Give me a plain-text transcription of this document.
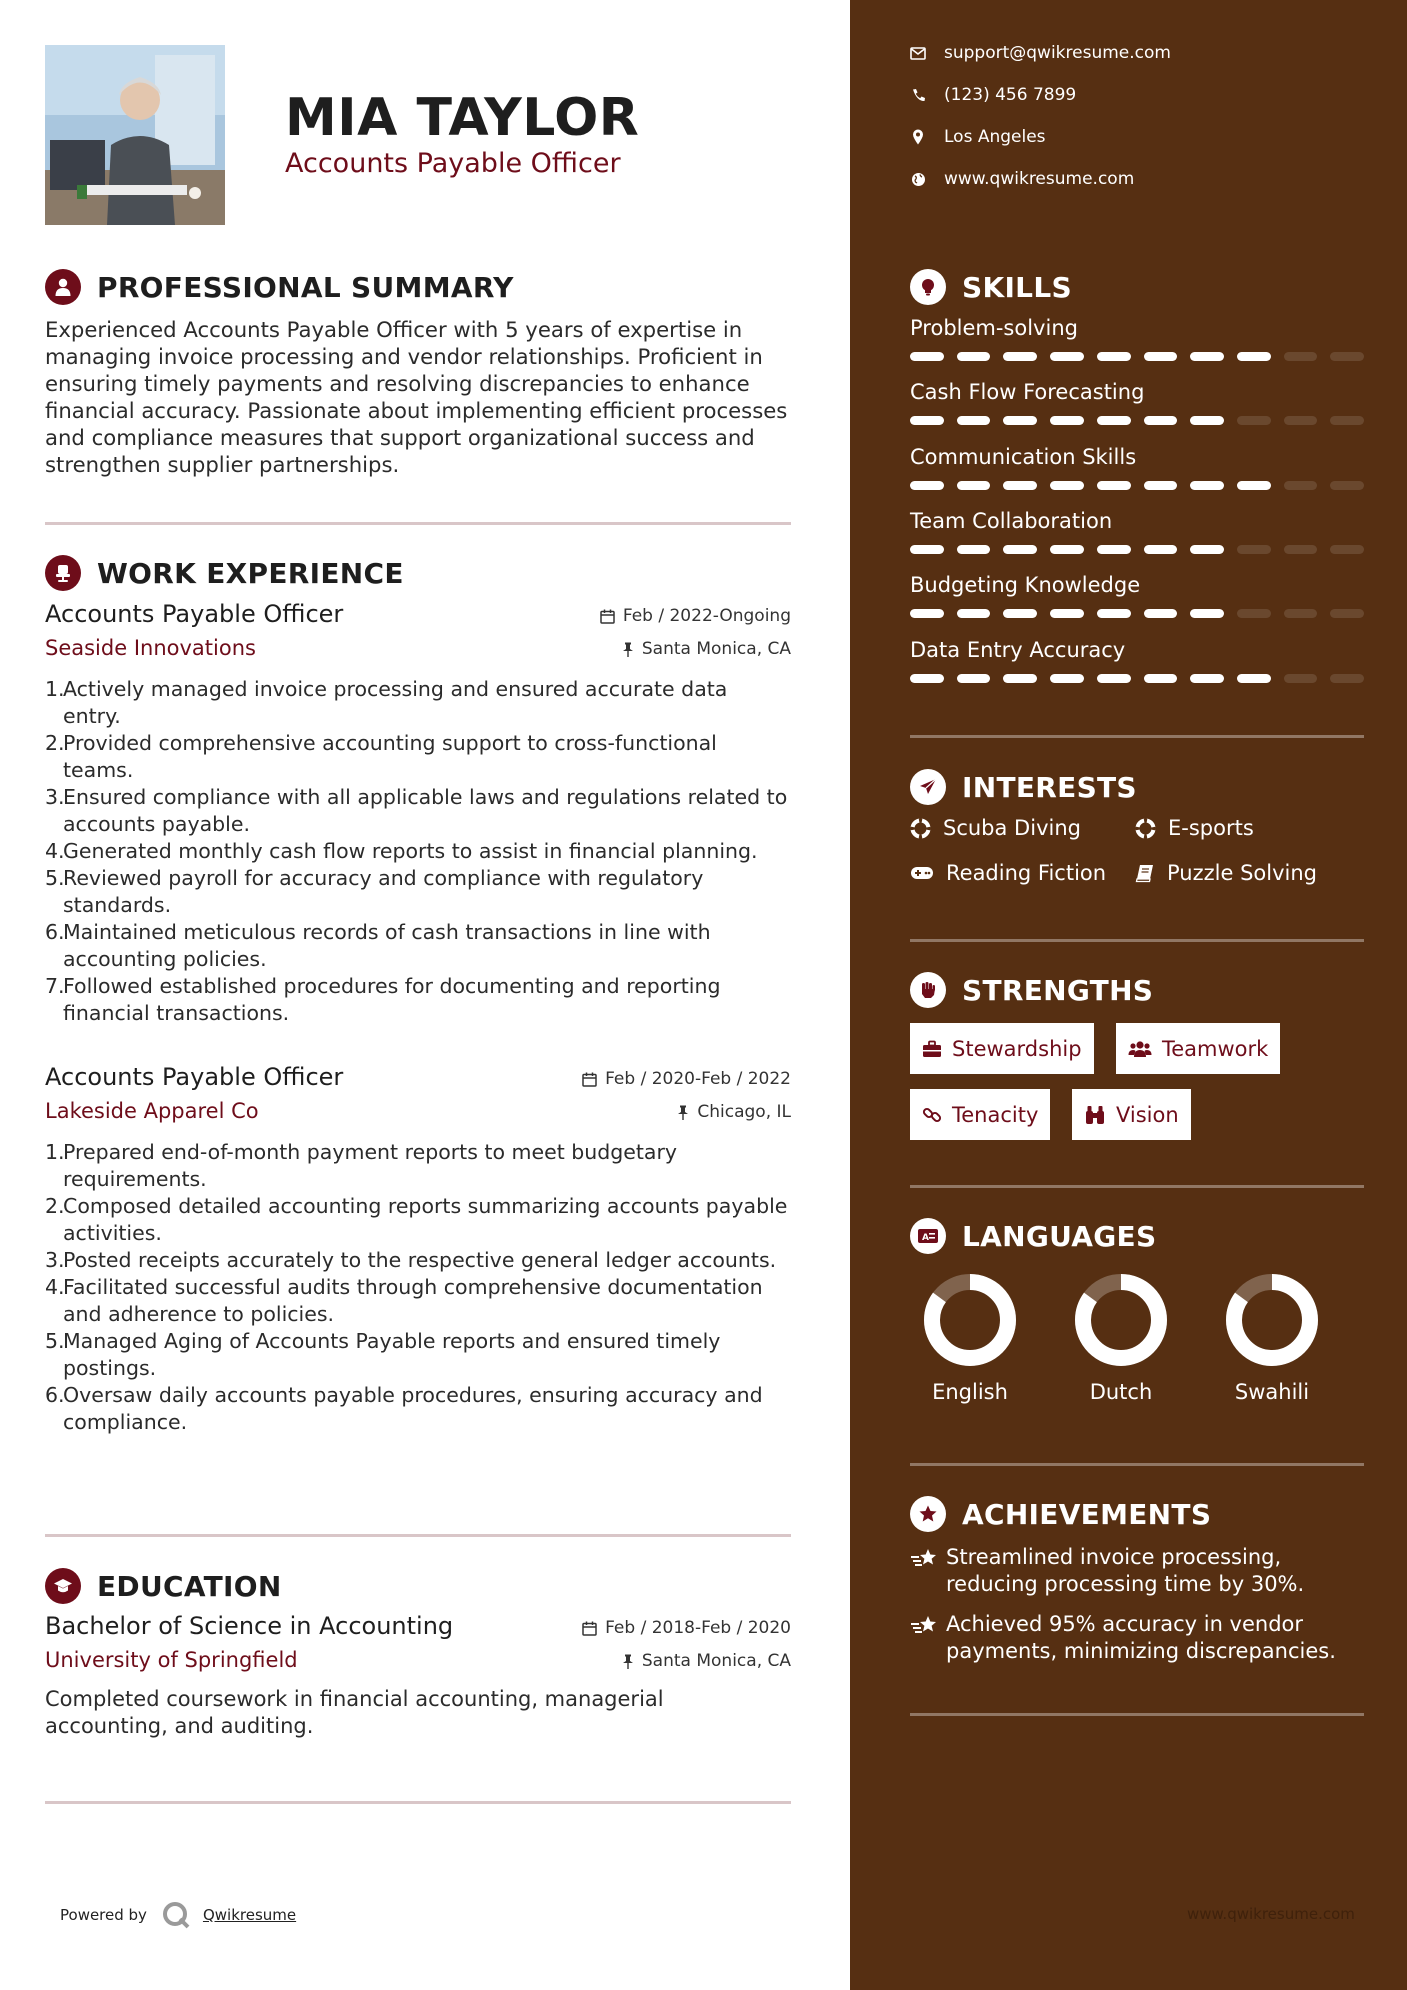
MIA TAYLOR
Accounts Payable Officer
PROFESSIONAL SUMMARY
Experienced Accounts Payable Officer with 5 years of expertise in managing invoice processing and vendor relationships. Proficient in ensuring timely payments and resolving discrepancies to enhance financial accuracy. Passionate about implementing efficient processes and compliance measures that support organizational success and strengthen supplier partnerships.
WORK EXPERIENCE
Accounts Payable Officer	Feb / 2022-Ongoing
Seaside Innovations	Santa Monica, CA
1.
Actively managed invoice processing and ensured accurate data entry.
2.
Provided comprehensive accounting support to cross-functional teams.
3.
Ensured compliance with all applicable laws and regulations related to accounts payable.
4.
Generated monthly cash flow reports to assist in financial planning.
5.
Reviewed payroll for accuracy and compliance with regulatory standards.
6.
Maintained meticulous records of cash transactions in line with accounting policies.
7.
Followed established procedures for documenting and reporting financial transactions.
Accounts Payable Officer	Feb / 2020-Feb / 2022
Lakeside Apparel Co	Chicago, IL
1.
Prepared end-of-month payment reports to meet budgetary requirements.
2.
Composed detailed accounting reports summarizing accounts payable activities.
3.
Posted receipts accurately to the respective general ledger accounts.
4.
Facilitated successful audits through comprehensive documentation and adherence to policies.
5.
Managed Aging of Accounts Payable reports and ensured timely postings.
6.
Oversaw daily accounts payable procedures, ensuring accuracy and compliance.
EDUCATION
Bachelor of Science in Accounting	Feb / 2018-Feb / 2020
University of Springfield	Santa Monica, CA
Completed coursework in financial accounting, managerial accounting, and auditing.
Powered by	Qwikresume
support@qwikresume.com
(123) 456 7899
Los Angeles
www.qwikresume.com
SKILLS
Problem-solving
Cash Flow Forecasting
Communication Skills
Team Collaboration
Budgeting Knowledge
Data Entry Accuracy
INTERESTS
Scuba Diving	E-sports
Reading Fiction	Puzzle Solving
STRENGTHS
Stewardship	Teamwork
Tenacity	Vision
A LANGUAGES
English	Dutch	Swahili
ACHIEVEMENTS
Streamlined invoice processing, reducing processing time by 30%.
Achieved 95% accuracy in vendor payments, minimizing discrepancies.
www.qwikresume.com
